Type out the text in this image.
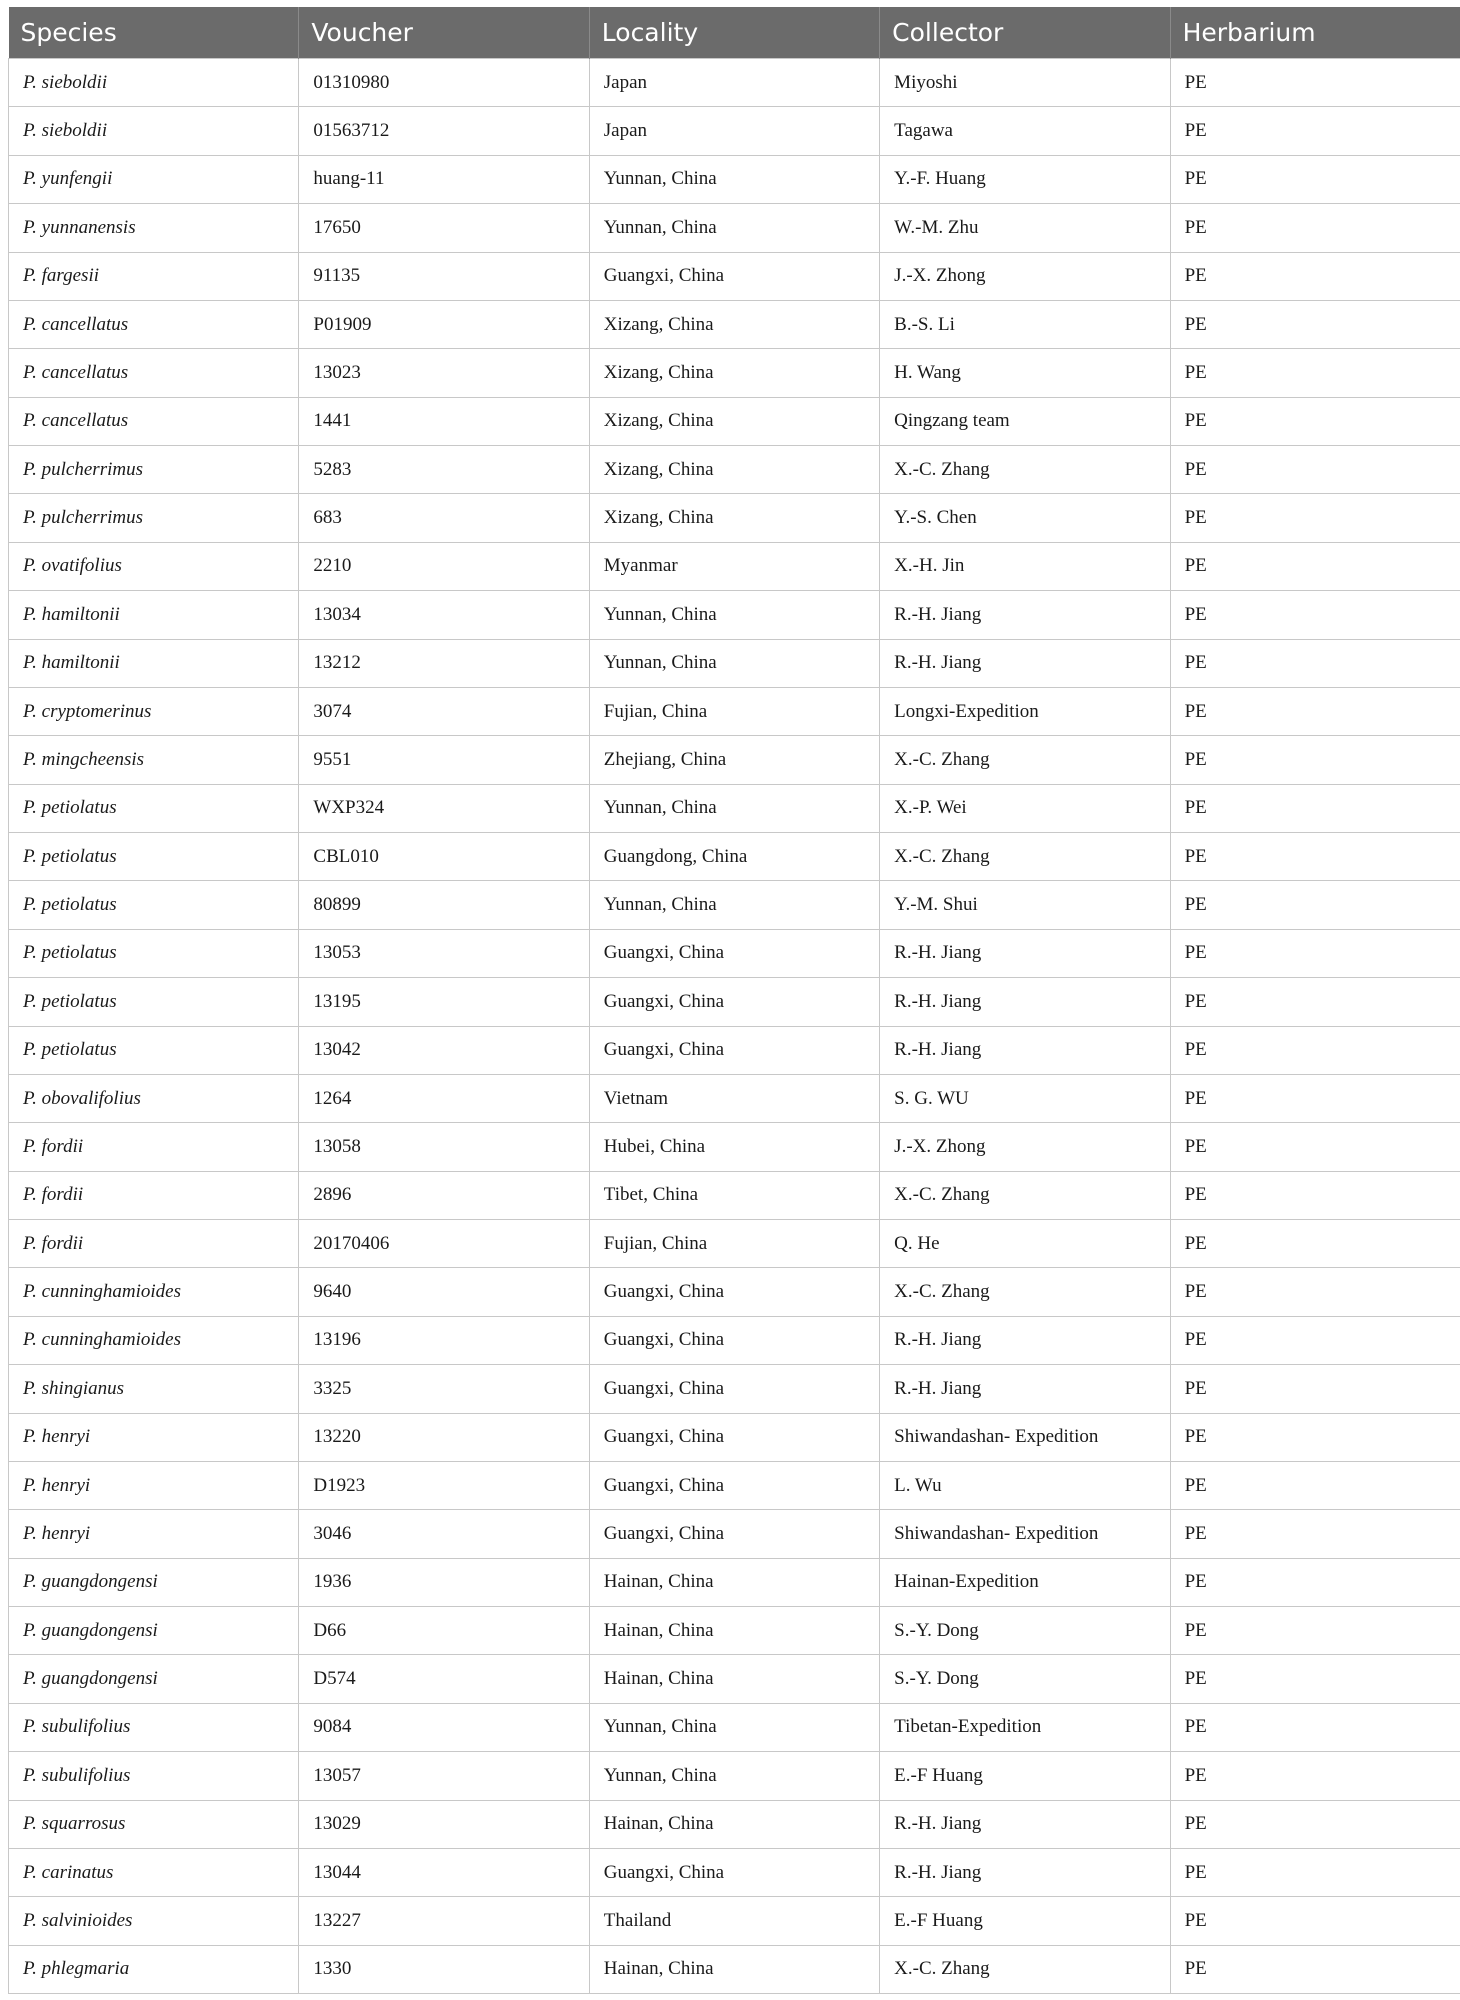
Species	Voucher	Locality	Collector	Herbarium
P. sieboldii	01310980	Japan	Miyoshi	PE
P. sieboldii	01563712	Japan	Tagawa	PE
P. yunfengii	huang-11	Yunnan, China	Y.-F. Huang	PE
P. yunnanensis	17650	Yunnan, China	W.-M. Zhu	PE
P. fargesii	91135	Guangxi, China	J.-X. Zhong	PE
P. cancellatus	P01909	Xizang, China	B.-S. Li	PE
P. cancellatus	13023	Xizang, China	H. Wang	PE
P. cancellatus	1441	Xizang, China	Qingzang team	PE
P. pulcherrimus	5283	Xizang, China	X.-C. Zhang	PE
P. pulcherrimus	683	Xizang, China	Y.-S. Chen	PE
P. ovatifolius	2210	Myanmar	X.-H. Jin	PE
P. hamiltonii	13034	Yunnan, China	R.-H. Jiang	PE
P. hamiltonii	13212	Yunnan, China	R.-H. Jiang	PE
P. cryptomerinus	3074	Fujian, China	Longxi-Expedition	PE
P. mingcheensis	9551	Zhejiang, China	X.-C. Zhang	PE
P. petiolatus	WXP324	Yunnan, China	X.-P. Wei	PE
P. petiolatus	CBL010	Guangdong, China	X.-C. Zhang	PE
P. petiolatus	80899	Yunnan, China	Y.-M. Shui	PE
P. petiolatus	13053	Guangxi, China	R.-H. Jiang	PE
P. petiolatus	13195	Guangxi, China	R.-H. Jiang	PE
P. petiolatus	13042	Guangxi, China	R.-H. Jiang	PE
P. obovalifolius	1264	Vietnam	S. G. WU	PE
P. fordii	13058	Hubei, China	J.-X. Zhong	PE
P. fordii	2896	Tibet, China	X.-C. Zhang	PE
P. fordii	20170406	Fujian, China	Q. He	PE
P. cunninghamioides	9640	Guangxi, China	X.-C. Zhang	PE
P. cunninghamioides	13196	Guangxi, China	R.-H. Jiang	PE
P. shingianus	3325	Guangxi, China	R.-H. Jiang	PE
P. henryi	13220	Guangxi, China	Shiwandashan- Expedition	PE
P. henryi	D1923	Guangxi, China	L. Wu	PE
P. henryi	3046	Guangxi, China	Shiwandashan- Expedition	PE
P. guangdongensi	1936	Hainan, China	Hainan-Expedition	PE
P. guangdongensi	D66	Hainan, China	S.-Y. Dong	PE
P. guangdongensi	D574	Hainan, China	S.-Y. Dong	PE
P. subulifolius	9084	Yunnan, China	Tibetan-Expedition	PE
P. subulifolius	13057	Yunnan, China	E.-F Huang	PE
P. squarrosus	13029	Hainan, China	R.-H. Jiang	PE
P. carinatus	13044	Guangxi, China	R.-H. Jiang	PE
P. salvinioides	13227	Thailand	E.-F Huang	PE
P. phlegmaria	1330	Hainan, China	X.-C. Zhang	PE
